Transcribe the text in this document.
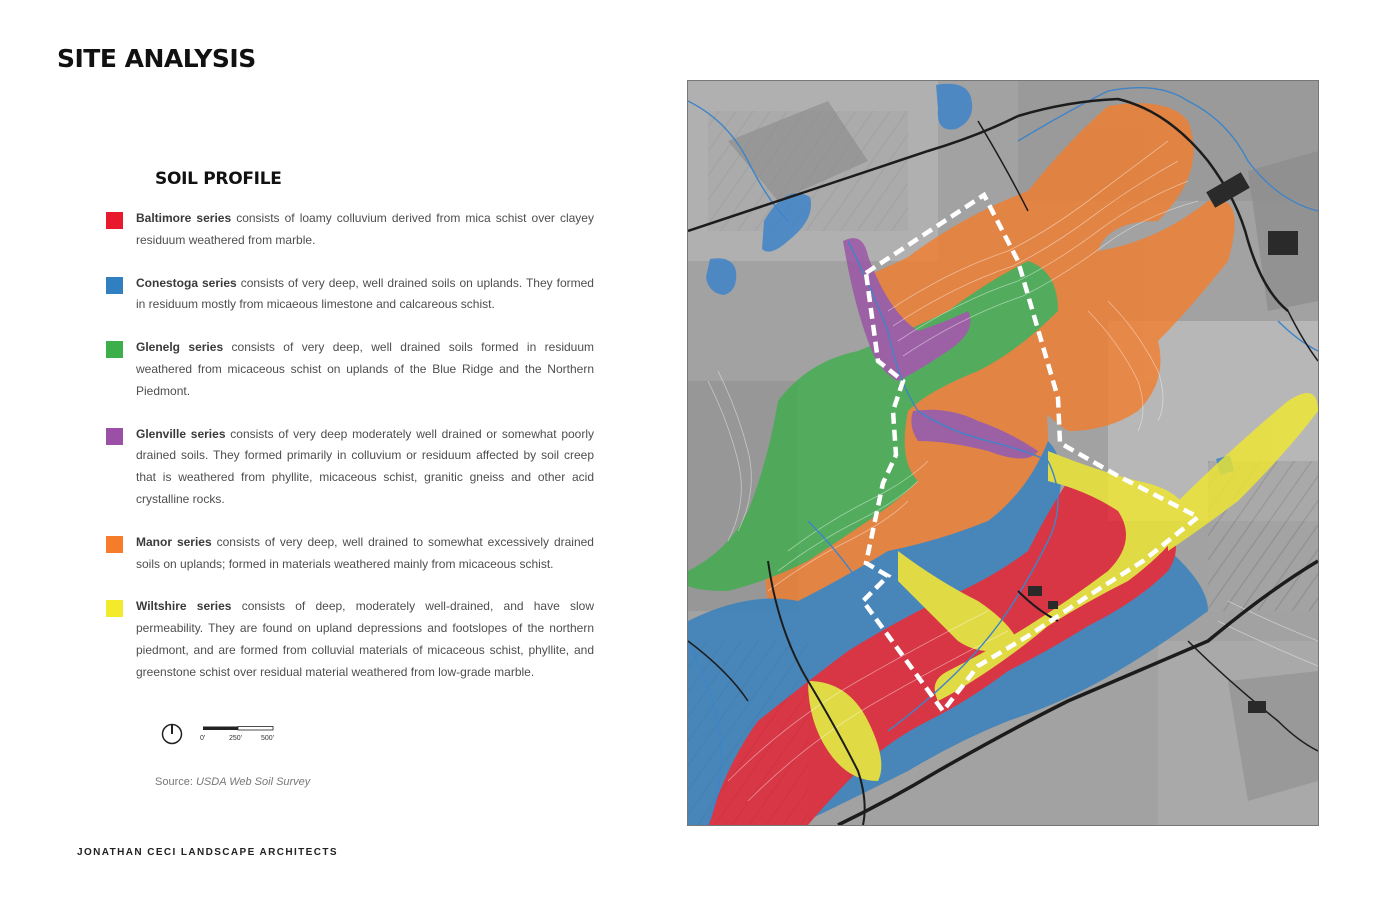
SITE ANALYSIS
SOIL PROFILE

Baltimore series consists of loamy colluvium derived from mica schist over clayey residuum weathered from marble.

Conestoga series consists of very deep, well drained soils on uplands. They formed in residuum mostly from micaeous limestone and calcareous schist.

Glenelg series consists of very deep, well drained soils formed in residuum weathered from micaceous schist on uplands of the Blue Ridge and the Northern Piedmont.

Glenville series consists of very deep moderately well drained or somewhat poorly drained soils. They formed primarily in colluvium or residuum affected by soil creep that is weathered from phyllite, micaceous schist, granitic gneiss and other acid crystalline rocks.

Manor series consists of very deep, well drained to somewhat excessively drained soils on uplands; formed in materials weathered mainly from micaceous schist.

Wiltshire series consists of deep, moderately well-drained, and have slow permeability. They are found on upland depressions and footslopes of the northern piedmont, and are formed from colluvial materials of micaceous schist, phyllite, and greenstone schist over residual material weathered from low-grade marble.

0'	250'	500'
Source: USDA Web Soil Survey
JONATHAN CECI LANDSCAPE ARCHITECTS
